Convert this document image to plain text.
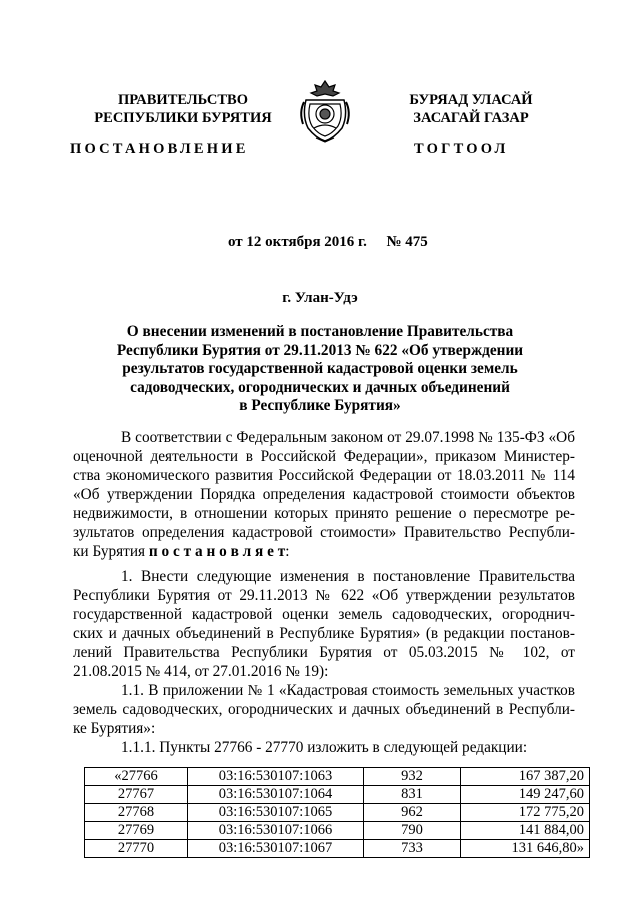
ПРАВИТЕЛЬСТВО
РЕСПУБЛИКИ БУРЯТИЯ
БУРЯАД УЛАСАЙ
ЗАСАГАЙ ГАЗАР
ПОСТАНОВЛЕНИЕ	ТОГТООЛ
от 12 октября 2016 г. № 475
г. Улан-Удэ
О внесении изменений в постановление Правительства
Республики Бурятия от 29.11.2013 № 622 «Об утверждении
результатов государственной кадастровой оценки земель
садоводческих, огороднических и дачных объединений
в Республике Бурятия»
В соответствии с Федеральным законом от 29.07.1998 № 135-ФЗ «Об
оценочной деятельности в Российской Федерации», приказом Министер-
ства экономического развития Российской Федерации от 18.03.2011 № 114
«Об утверждении Порядка определения кадастровой стоимости объектов
недвижимости, в отношении которых принято решение о пересмотре ре-
зультатов определения кадастровой стоимости» Правительство Республи-
ки Бурятия п о с т а н о в л я е т:
1. Внести следующие изменения в постановление Правительства
Республики Бурятия от 29.11.2013 № 622 «Об утверждении результатов
государственной кадастровой оценки земель садоводческих, огороднич-
ских и дачных объединений в Республике Бурятия» (в редакции постанов-
лений Правительства Республики Бурятия от 05.03.2015 № 102, от
21.08.2015 № 414, от 27.01.2016 № 19):
1.1. В приложении № 1 «Кадастровая стоимость земельных участков
земель садоводческих, огороднических и дачных объединений в Республи-
ке Бурятия»:
1.1.1. Пункты 27766 - 27770 изложить в следующей редакции:
«27766	03:16:530107:1063	932	167 387,20
27767	03:16:530107:1064	831	149 247,60
27768	03:16:530107:1065	962	172 775,20
27769	03:16:530107:1066	790	141 884,00
27770	03:16:530107:1067	733	131 646,80»
